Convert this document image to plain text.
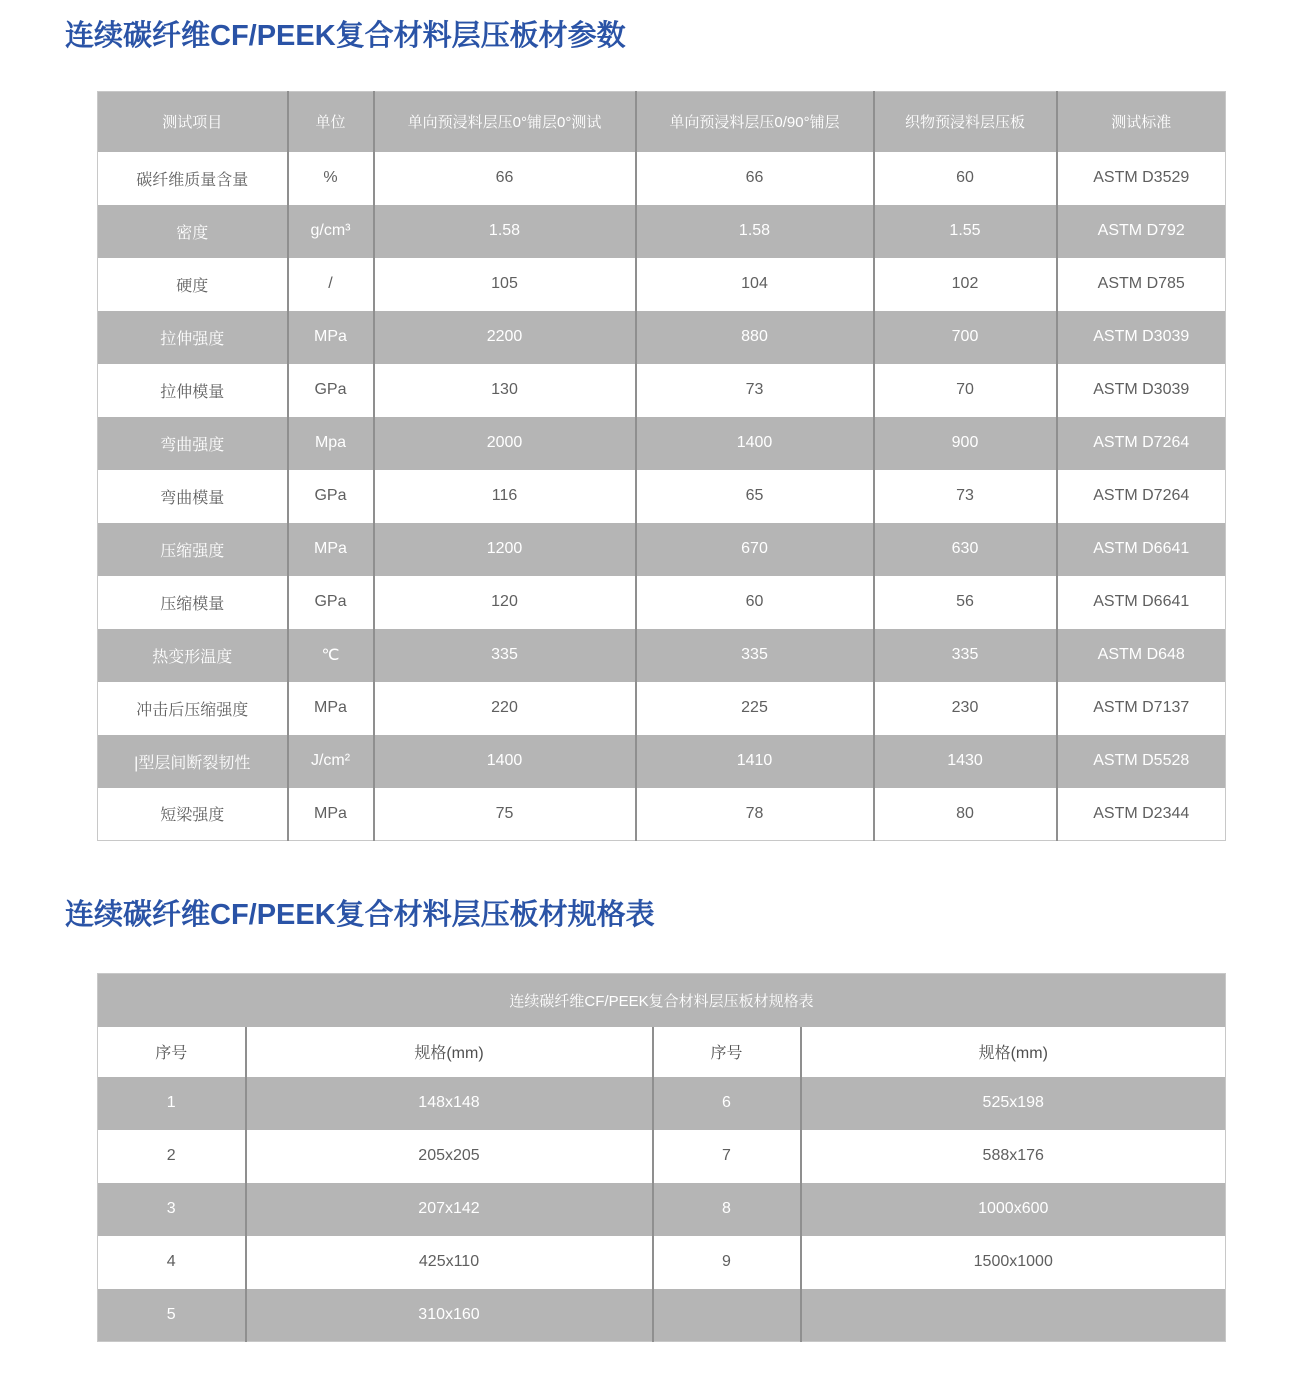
连续碳纤维CF/PEEK复合材料层压板材参数
测试项目	单位	单向预浸料层压0°铺层0°测试	单向预浸料层压0/90°铺层	织物预浸料层压板	测试标准
碳纤维质量含量	%	66	66	60	ASTM D3529
密度	g/cm³	1.58	1.58	1.55	ASTM D792
硬度	/	105	104	102	ASTM D785
拉伸强度	MPa	2200	880	700	ASTM D3039
拉伸模量	GPa	130	73	70	ASTM D3039
弯曲强度	Mpa	2000	1400	900	ASTM D7264
弯曲模量	GPa	116	65	73	ASTM D7264
压缩强度	MPa	1200	670	630	ASTM D6641
压缩模量	GPa	120	60	56	ASTM D6641
热变形温度	℃	335	335	335	ASTM D648
冲击后压缩强度	MPa	220	225	230	ASTM D7137
|型层间断裂韧性	J/cm²	1400	1410	1430	ASTM D5528
短梁强度	MPa	75	78	80	ASTM D2344
连续碳纤维CF/PEEK复合材料层压板材规格表
连续碳纤维CF/PEEK复合材料层压板材规格表			
序号	规格(mm)	序号	规格(mm)
1	148x148	6	525x198
2	205x205	7	588x176
3	207x142	8	1000x600
4	425x110	9	1500x1000
5	310x160		
